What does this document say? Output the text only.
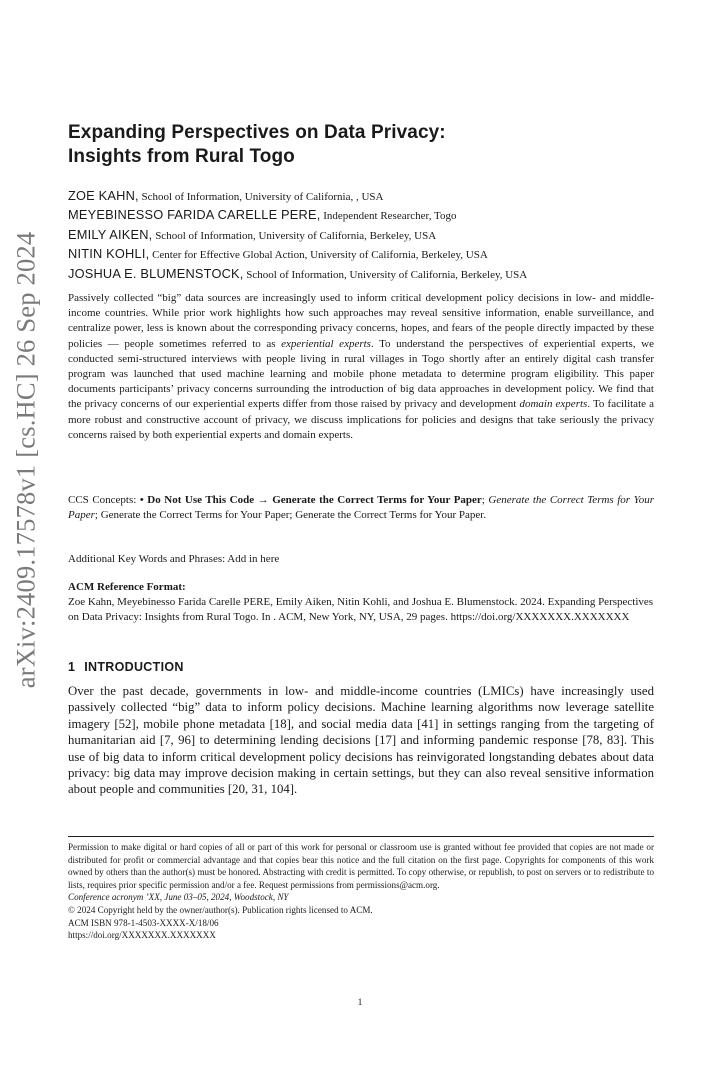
arXiv:2409.17578v1 [cs.HC] 26 Sep 2024
Expanding Perspectives on Data Privacy:
Insights from Rural Togo
ZOE KAHN, School of Information, University of California, , USA
MEYEBINESSO FARIDA CARELLE PERE, Independent Researcher, Togo
EMILY AIKEN, School of Information, University of California, Berkeley, USA
NITIN KOHLI, Center for Effective Global Action, University of California, Berkeley, USA
JOSHUA E. BLUMENSTOCK, School of Information, University of California, Berkeley, USA

Passively collected “big” data sources are increasingly used to inform critical development policy decisions in low- and middle-income countries. While prior work highlights how such approaches may reveal sensitive information, enable surveillance, and centralize power, less is known about the corresponding privacy concerns, hopes, and fears of the people directly impacted by these policies — people sometimes referred to as experiential experts. To understand the perspectives of experiential experts, we conducted semi-structured interviews with people living in rural villages in Togo shortly after an entirely digital cash transfer program was launched that used machine learning and mobile phone metadata to determine program eligibility. This paper documents participants’ privacy concerns surrounding the introduction of big data approaches in development policy. We find that the privacy concerns of our experiential experts differ from those raised by privacy and development domain experts. To facilitate a more robust and constructive account of privacy, we discuss implications for policies and designs that take seriously the privacy concerns raised by both experiential experts and domain experts.

CCS Concepts: • Do Not Use This Code → Generate the Correct Terms for Your Paper; Generate the Correct Terms for Your Paper; Generate the Correct Terms for Your Paper; Generate the Correct Terms for Your Paper.

Additional Key Words and Phrases: Add in here

ACM Reference Format:
Zoe Kahn, Meyebinesso Farida Carelle PERE, Emily Aiken, Nitin Kohli, and Joshua E. Blumenstock. 2024. Expanding Perspectives on Data Privacy: Insights from Rural Togo. In . ACM, New York, NY, USA, 29 pages. https://doi.org/XXXXXXX.XXXXXXX

1 INTRODUCTION

Over the past decade, governments in low- and middle-income countries (LMICs) have increasingly used passively collected “big” data to inform policy decisions. Machine learning algorithms now leverage satellite imagery [52], mobile phone metadata [18], and social media data [41] in settings ranging from the targeting of humanitarian aid [7, 96] to determining lending decisions [17] and informing pandemic response [78, 83]. This use of big data to inform critical development policy decisions has reinvigorated longstanding debates about data privacy: big data may improve decision making in certain settings, but they can also reveal sensitive information about people and communities [20, 31, 104].

Permission to make digital or hard copies of all or part of this work for personal or classroom use is granted without fee provided that copies are not made or distributed for profit or commercial advantage and that copies bear this notice and the full citation on the first page. Copyrights for components of this work owned by others than the author(s) must be honored. Abstracting with credit is permitted. To copy otherwise, or republish, to post on servers or to redistribute to lists, requires prior specific permission and/or a fee. Request permissions from permissions@acm.org.
Conference acronym ’XX, June 03–05, 2024, Woodstock, NY
© 2024 Copyright held by the owner/author(s). Publication rights licensed to ACM.
ACM ISBN 978-1-4503-XXXX-X/18/06
https://doi.org/XXXXXXX.XXXXXXX
1
